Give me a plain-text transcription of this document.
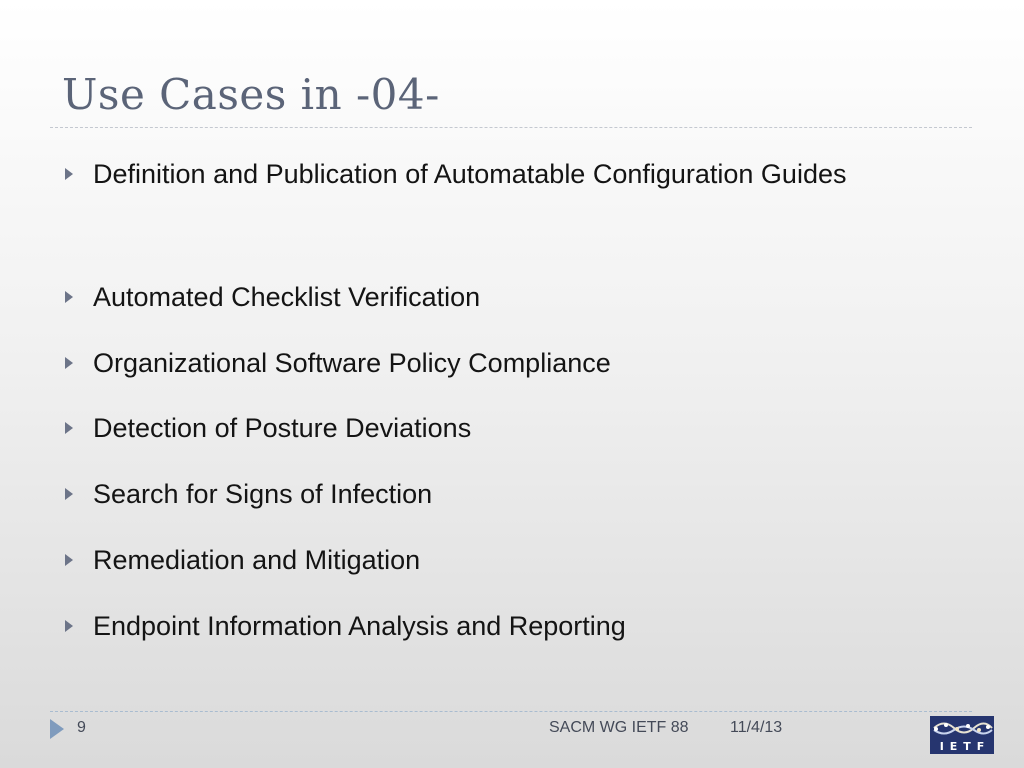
Use Cases in -04-
Definition and Publication of Automatable Configuration Guides
Automated Checklist Verification
Organizational Software Policy Compliance
Detection of Posture Deviations
Search for Signs of Infection
Remediation and Mitigation
Endpoint Information Analysis and Reporting
9	SACM WG IETF 88	11/4/13
IETF
